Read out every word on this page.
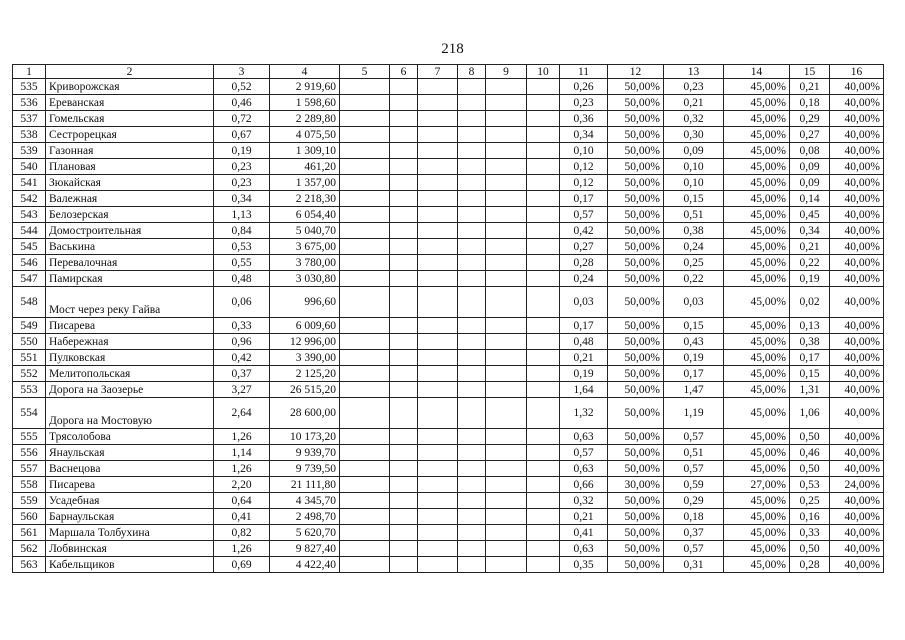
218
1	2	3	4	5	6	7	8	9	10	11	12	13	14	15	16
535	Криворожская	0,52	2 919,60							0,26	50,00%	0,23	45,00%	0,21	40,00%
536	Ереванская	0,46	1 598,60							0,23	50,00%	0,21	45,00%	0,18	40,00%
537	Гомельская	0,72	2 289,80							0,36	50,00%	0,32	45,00%	0,29	40,00%
538	Сестрорецкая	0,67	4 075,50							0,34	50,00%	0,30	45,00%	0,27	40,00%
539	Газонная	0,19	1 309,10							0,10	50,00%	0,09	45,00%	0,08	40,00%
540	Плановая	0,23	461,20							0,12	50,00%	0,10	45,00%	0,09	40,00%
541	Зюкайская	0,23	1 357,00							0,12	50,00%	0,10	45,00%	0,09	40,00%
542	Валежная	0,34	2 218,30							0,17	50,00%	0,15	45,00%	0,14	40,00%
543	Белозерская	1,13	6 054,40							0,57	50,00%	0,51	45,00%	0,45	40,00%
544	Домостроительная	0,84	5 040,70							0,42	50,00%	0,38	45,00%	0,34	40,00%
545	Васькина	0,53	3 675,00							0,27	50,00%	0,24	45,00%	0,21	40,00%
546	Перевалочная	0,55	3 780,00							0,28	50,00%	0,25	45,00%	0,22	40,00%
547	Памирская	0,48	3 030,80							0,24	50,00%	0,22	45,00%	0,19	40,00%
548	Мост через реку Гайва	0,06	996,60							0,03	50,00%	0,03	45,00%	0,02	40,00%
549	Писарева	0,33	6 009,60							0,17	50,00%	0,15	45,00%	0,13	40,00%
550	Набережная	0,96	12 996,00							0,48	50,00%	0,43	45,00%	0,38	40,00%
551	Пулковская	0,42	3 390,00							0,21	50,00%	0,19	45,00%	0,17	40,00%
552	Мелитопольская	0,37	2 125,20							0,19	50,00%	0,17	45,00%	0,15	40,00%
553	Дорога на Заозерье	3,27	26 515,20							1,64	50,00%	1,47	45,00%	1,31	40,00%
554	Дорога на Мостовую	2,64	28 600,00							1,32	50,00%	1,19	45,00%	1,06	40,00%
555	Трясолобова	1,26	10 173,20							0,63	50,00%	0,57	45,00%	0,50	40,00%
556	Янаульская	1,14	9 939,70							0,57	50,00%	0,51	45,00%	0,46	40,00%
557	Васнецова	1,26	9 739,50							0,63	50,00%	0,57	45,00%	0,50	40,00%
558	Писарева	2,20	21 111,80							0,66	30,00%	0,59	27,00%	0,53	24,00%
559	Усадебная	0,64	4 345,70							0,32	50,00%	0,29	45,00%	0,25	40,00%
560	Барнаульская	0,41	2 498,70							0,21	50,00%	0,18	45,00%	0,16	40,00%
561	Маршала Толбухина	0,82	5 620,70							0,41	50,00%	0,37	45,00%	0,33	40,00%
562	Лобвинская	1,26	9 827,40							0,63	50,00%	0,57	45,00%	0,50	40,00%
563	Кабельщиков	0,69	4 422,40							0,35	50,00%	0,31	45,00%	0,28	40,00%
